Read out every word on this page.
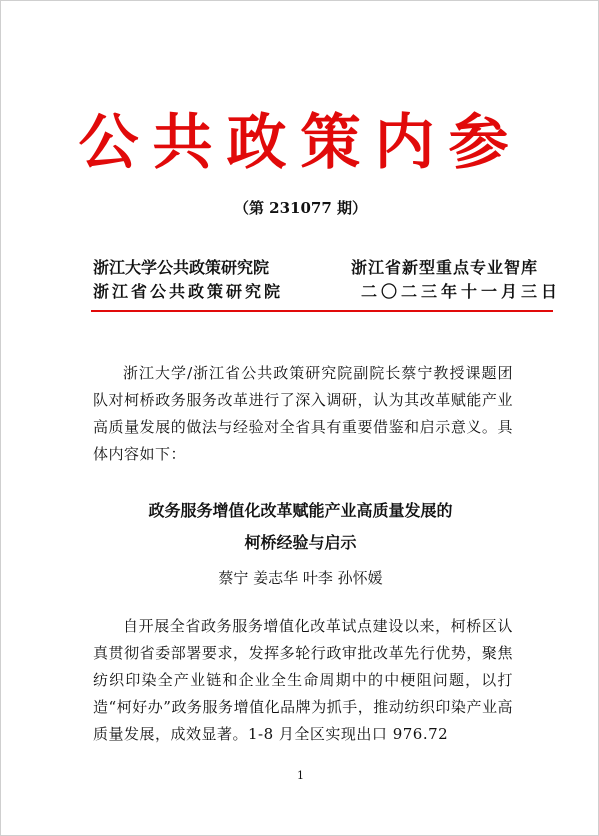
公共政策内参
（第 231077 期）
浙江大学公共政策研究院
浙江省公共政策研究院
浙江省新型重点专业智库
二〇二三年十一月三日
浙江大学/浙江省公共政策研究院副院长蔡宁教授课题团队对柯桥政务服务改革进行了深入调研，认为其改革赋能产业高质量发展的做法与经验对全省具有重要借鉴和启示意义。具体内容如下：
政务服务增值化改革赋能产业高质量发展的
柯桥经验与启示
蔡宁 姜志华 叶李 孙怀媛
自开展全省政务服务增值化改革试点建设以来，柯桥区认真贯彻省委部署要求，发挥多轮行政审批改革先行优势，聚焦纺织印染全产业链和企业全生命周期中的中梗阻问题，以打造“柯好办”政务服务增值化品牌为抓手，推动纺织印染产业高质量发展，成效显著。1-8 月全区实现出口 976.72
1
